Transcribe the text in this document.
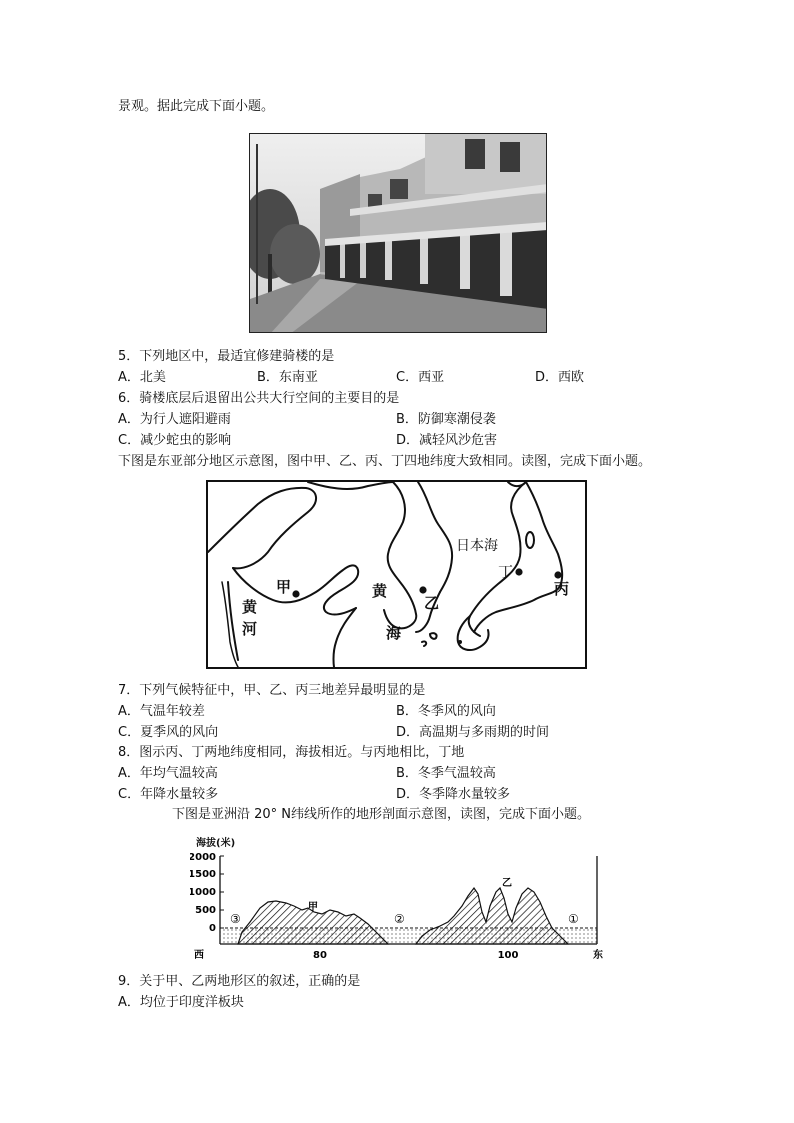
景观。据此完成下面小题。
5．下列地区中，最适宜修建骑楼的是
A．北美	B．东南亚	C．西亚	D．西欧
6．骑楼底层后退留出公共大行空间的主要目的是
A．为行人遮阳避雨	B．防御寒潮侵袭
C．减少蛇虫的影响	D．减轻风沙危害
下图是东亚部分地区示意图，图中甲、乙、丙、丁四地纬度大致相同。读图，完成下面小题。
日本海
甲
乙
丙
丁
黄
河
黄
海
7．下列气候特征中，甲、乙、丙三地差异最明显的是
A．气温年较差	B．冬季风的风向
C．夏季风的风向	D．高温期与多雨期的时间
8．图示丙、丁两地纬度相同，海拔相近。与丙地相比，丁地
A．年均气温较高	B．冬季气温较高
C．年降水量较多	D．冬季降水量较多
下图是亚洲沿 20° N纬线所作的地形剖面示意图，读图，完成下面小题。
海拔(米)
2000
1500
1000
500
0
甲
乙
③	②	①
西	80	100	东
9．关于甲、乙两地形区的叙述，正确的是
A．均位于印度洋板块
